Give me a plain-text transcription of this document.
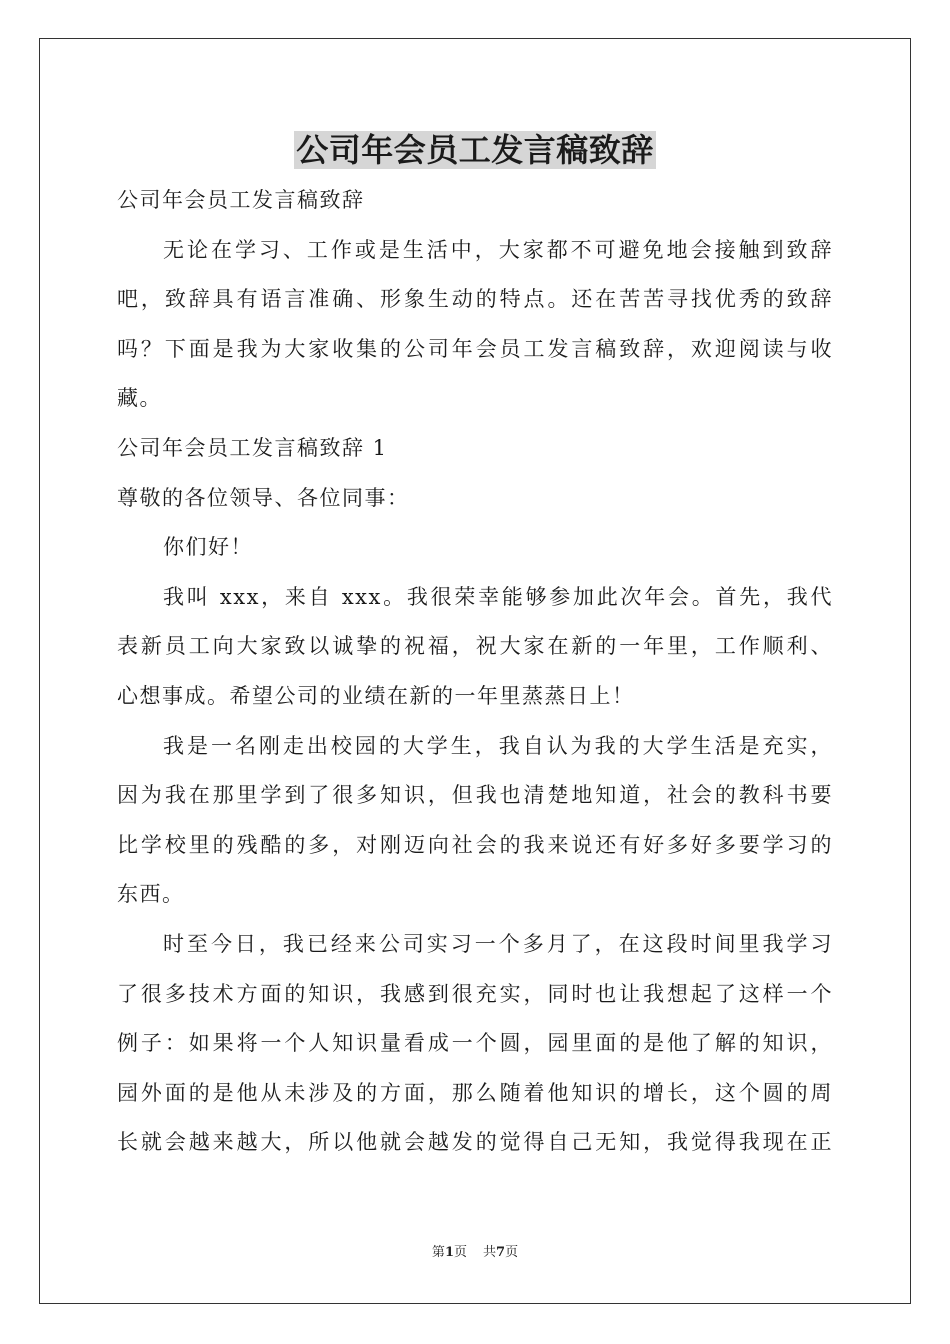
公司年会员工发言稿致辞
公司年会员工发言稿致辞
无论在学习、工作或是生活中，大家都不可避免地会接触到致辞
吧，致辞具有语言准确、形象生动的特点。还在苦苦寻找优秀的致辞
吗？下面是我为大家收集的公司年会员工发言稿致辞，欢迎阅读与收
藏。
公司年会员工发言稿致辞 1
尊敬的各位领导、各位同事：
你们好！
我叫 xxx，来自 xxx。我很荣幸能够参加此次年会。首先，我代
表新员工向大家致以诚挚的祝福，祝大家在新的一年里，工作顺利、
心想事成。希望公司的业绩在新的一年里蒸蒸日上！
我是一名刚走出校园的大学生，我自认为我的大学生活是充实，
因为我在那里学到了很多知识，但我也清楚地知道，社会的教科书要
比学校里的残酷的多，对刚迈向社会的我来说还有好多好多要学习的
东西。
时至今日，我已经来公司实习一个多月了，在这段时间里我学习
了很多技术方面的知识，我感到很充实，同时也让我想起了这样一个
例子：如果将一个人知识量看成一个圆，园里面的是他了解的知识，
园外面的是他从未涉及的方面，那么随着他知识的增长，这个圆的周
长就会越来越大，所以他就会越发的觉得自己无知，我觉得我现在正
第1页 共7页
